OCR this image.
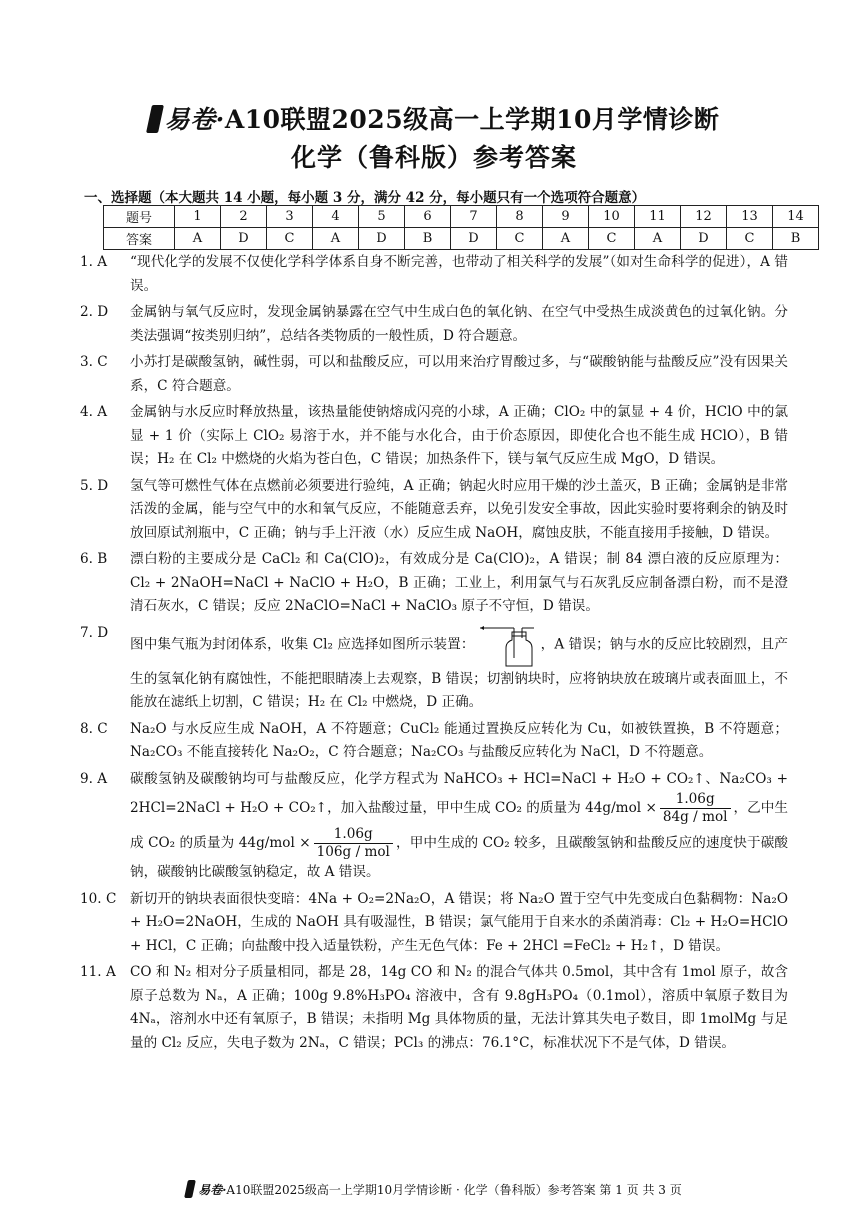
易卷·A10联盟2025级高一上学期10月学情诊断
化学（鲁科版）参考答案
一、选择题（本大题共 14 小题，每小题 3 分，满分 42 分，每小题只有一个选项符合题意）
题号	1	2	3	4	5	6	7	8	9	10	11	12	13	14
答案	A	D	C	A	D	B	D	C	A	C	A	D	C	B
1. A	“现代化学的发展不仅使化学科学体系自身不断完善，也带动了相关科学的发展”（如对生命科学的促进），A 错误。
2. D	金属钠与氧气反应时，发现金属钠暴露在空气中生成白色的氧化钠、在空气中受热生成淡黄色的过氧化钠。分类法强调“按类别归纳”，总结各类物质的一般性质，D 符合题意。
3. C	小苏打是碳酸氢钠，碱性弱，可以和盐酸反应，可以用来治疗胃酸过多，与“碳酸钠能与盐酸反应”没有因果关系，C 符合题意。
4. A	金属钠与水反应时释放热量，该热量能使钠熔成闪亮的小球，A 正确；ClO₂ 中的氯显 + 4 价，HClO 中的氯显 + 1 价（实际上 ClO₂ 易溶于水，并不能与水化合，由于价态原因，即使化合也不能生成 HClO），B 错误；H₂ 在 Cl₂ 中燃烧的火焰为苍白色，C 错误；加热条件下，镁与氧气反应生成 MgO，D 错误。
5. D	氢气等可燃性气体在点燃前必须要进行验纯，A 正确；钠起火时应用干燥的沙土盖灭，B 正确；金属钠是非常活泼的金属，能与空气中的水和氧气反应，不能随意丢弃，以免引发安全事故，因此实验时要将剩余的钠及时放回原试剂瓶中，C 正确；钠与手上汗液（水）反应生成 NaOH，腐蚀皮肤，不能直接用手接触，D 错误。
6. B	漂白粉的主要成分是 CaCl₂ 和 Ca(ClO)₂，有效成分是 Ca(ClO)₂，A 错误；制 84 漂白液的反应原理为：Cl₂ + 2NaOH=NaCl + NaClO + H₂O，B 正确；工业上，利用氯气与石灰乳反应制备漂白粉，而不是澄清石灰水，C 错误；反应 2NaClO=NaCl + NaClO₃ 原子不守恒，D 错误。
7. D
图中集气瓶为封闭体系，收集 Cl₂ 应选择如图所示装置：	，A 错误；钠与水的反应比较剧烈，且产生的氢氧化钠有腐蚀性，不能把眼睛凑上去观察，B 错误；切割钠块时，应将钠块放在玻璃片或表面皿上，不能放在滤纸上切割，C 错误；H₂ 在 Cl₂ 中燃烧，D 正确。
8. C	Na₂O 与水反应生成 NaOH，A 不符题意；CuCl₂ 能通过置换反应转化为 Cu，如被铁置换，B 不符题意；Na₂CO₃ 不能直接转化 Na₂O₂，C 符合题意；Na₂CO₃ 与盐酸反应转化为 NaCl，D 不符题意。
9. A	碳酸氢钠及碳酸钠均可与盐酸反应，化学方程式为 NaHCO₃ + HCl=NaCl + H₂O + CO₂↑、Na₂CO₃ + 2HCl=2NaCl + H₂O + CO₂↑，加入盐酸过量，甲中生成 CO₂ 的质量为 $44g/mol \times \frac{1.06g}{\text{84g / mol}}$ ，乙中生成 CO₂ 的质量为 $44g/mol \times \frac{1.06g}{\text{106g / mol}}$ ，甲中生成的 CO₂ 较多，且碳酸氢钠和盐酸反应的速度快于碳酸钠，碳酸钠比碳酸氢钠稳定，故 A 错误。
10. C	新切开的钠块表面很快变暗：4Na + O₂=2Na₂O，A 错误；将 Na₂O 置于空气中先变成白色黏稠物：Na₂O + H₂O=2NaOH，生成的 NaOH 具有吸湿性，B 错误；氯气能用于自来水的杀菌消毒：Cl₂ + H₂O=HClO + HCl，C 正确；向盐酸中投入适量铁粉，产生无色气体：Fe + 2HCl =FeCl₂ + H₂↑，D 错误。
11. A	CO 和 N₂ 相对分子质量相同，都是 28，14g CO 和 N₂ 的混合气体共 0.5mol，其中含有 1mol 原子，故含原子总数为 Nₐ，A 正确；100g 9.8%H₃PO₄ 溶液中，含有 9.8gH₃PO₄（0.1mol），溶质中氧原子数目为 4Nₐ，溶剂水中还有氧原子，B 错误；未指明 Mg 具体物质的量，无法计算其失电子数目，即 1molMg 与足量的 Cl₂ 反应，失电子数为 2Nₐ，C 错误；PCl₃ 的沸点：76.1°C，标准状况下不是气体，D 错误。
易卷·A10联盟2025级高一上学期10月学情诊断 · 化学（鲁科版）参考答案 第 1 页 共 3 页
